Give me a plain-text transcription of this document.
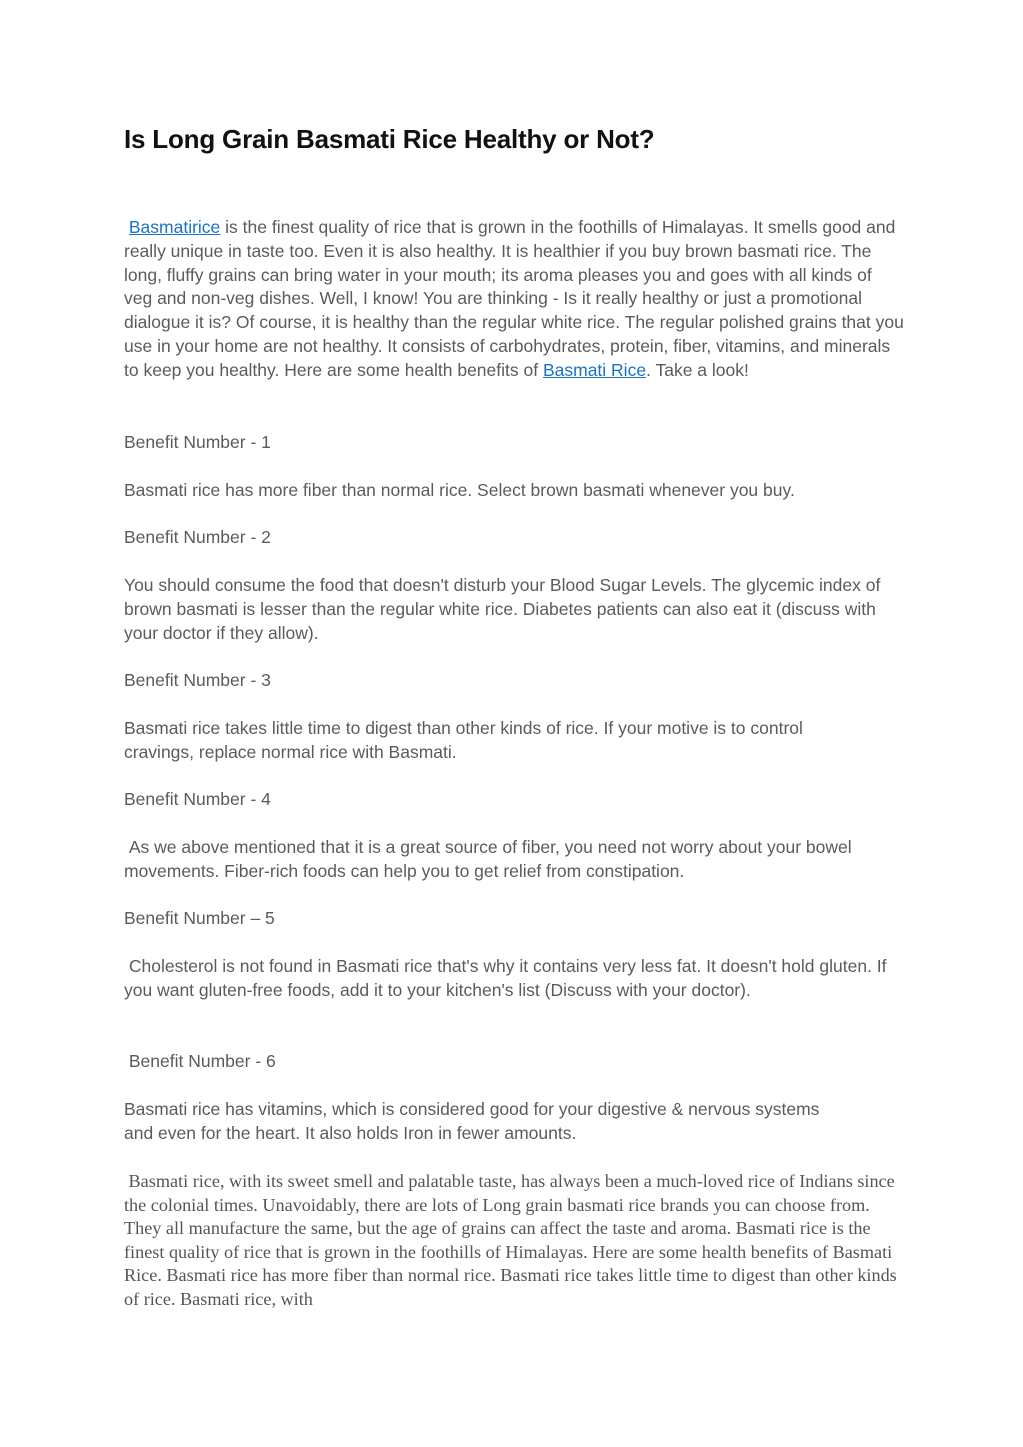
Is Long Grain Basmati Rice Healthy or Not?

Basmatirice is the finest quality of rice that is grown in the foothills of Himalayas. It smells good and really unique in taste too. Even it is also healthy. It is healthier if you buy brown basmati rice. The long, fluffy grains can bring water in your mouth; its aroma pleases you and goes with all kinds of veg and non-veg dishes. Well, I know! You are thinking - Is it really healthy or just a promotional dialogue it is? Of course, it is healthy than the regular white rice. The regular polished grains that you use in your home are not healthy. It consists of carbohydrates, protein, fiber, vitamins, and minerals to keep you healthy. Here are some health benefits of Basmati Rice. Take a look!

Benefit Number - 1

Basmati rice has more fiber than normal rice. Select brown basmati whenever you buy.

Benefit Number - 2

You should consume the food that doesn't disturb your Blood Sugar Levels. The glycemic index of brown basmati is lesser than the regular white rice. Diabetes patients can also eat it (discuss with your doctor if they allow).

Benefit Number - 3

Basmati rice takes little time to digest than other kinds of rice. If your motive is to control cravings, replace normal rice with Basmati.

Benefit Number - 4

As we above mentioned that it is a great source of fiber, you need not worry about your bowel movements. Fiber-rich foods can help you to get relief from constipation.

Benefit Number – 5

Cholesterol is not found in Basmati rice that's why it contains very less fat. It doesn't hold gluten. If you want gluten-free foods, add it to your kitchen's list (Discuss with your doctor).

Benefit Number - 6

Basmati rice has vitamins, which is considered good for your digestive & nervous systems and even for the heart. It also holds Iron in fewer amounts.

Basmati rice, with its sweet smell and palatable taste, has always been a much-loved rice of Indians since the colonial times. Unavoidably, there are lots of Long grain basmati rice brands you can choose from. They all manufacture the same, but the age of grains can affect the taste and aroma. Basmati rice is the finest quality of rice that is grown in the foothills of Himalayas. Here are some health benefits of Basmati Rice. Basmati rice has more fiber than normal rice. Basmati rice takes little time to digest than other kinds of rice. Basmati rice, with
